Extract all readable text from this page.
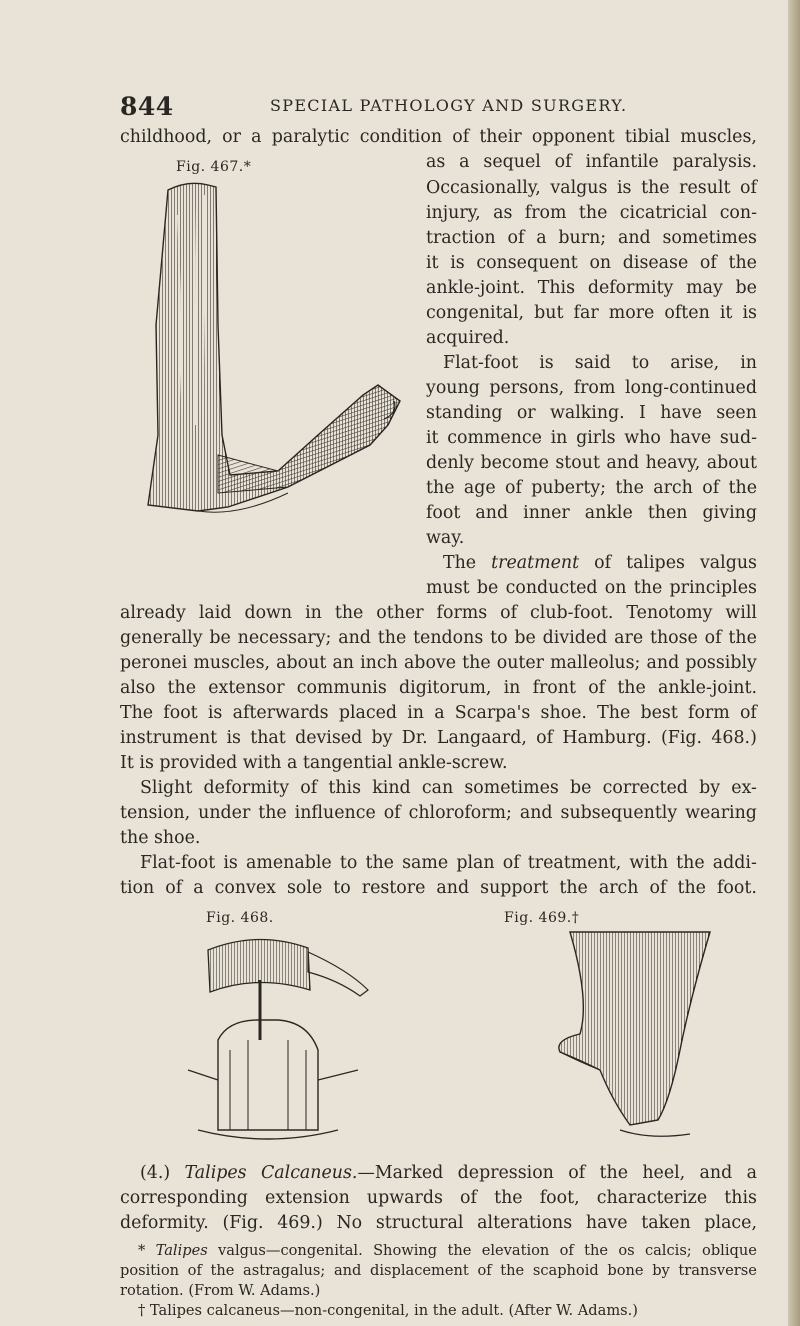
844	SPECIAL PATHOLOGY AND SURGERY.
childhood, or a paralytic condition of their opponent tibial muscles,
as a sequel of infantile paralysis.
Occasionally, valgus is the result of
injury, as from the cicatricial con-
traction of a burn; and sometimes
it is consequent on disease of the
ankle-joint. This deformity may be
congenital, but far more often it is
acquired.
Flat-foot is said to arise, in
young persons, from long-continued
standing or walking. I have seen
it commence in girls who have sud-
denly become stout and heavy, about
the age of puberty; the arch of the
foot and inner ankle then giving
way.
The treatment of talipes valgus
must be conducted on the principles
already laid down in the other forms of club-foot. Tenotomy will
generally be necessary; and the tendons to be divided are those of the
peronei muscles, about an inch above the outer malleolus; and possibly
also the extensor communis digitorum, in front of the ankle-joint.
The foot is afterwards placed in a Scarpa's shoe. The best form of
instrument is that devised by Dr. Langaard, of Hamburg. (Fig. 468.)
It is provided with a tangential ankle-screw.
Slight deformity of this kind can sometimes be corrected by ex-
tension, under the influence of chloroform; and subsequently wearing
the shoe.
Flat-foot is amenable to the same plan of treatment, with the addi-
tion of a convex sole to restore and support the arch of the foot.
(4.) Talipes Calcaneus.—Marked depression of the heel, and a
corresponding extension upwards of the foot, characterize this
deformity. (Fig. 469.) No structural alterations have taken place,
* Talipes valgus—congenital. Showing the elevation of the os calcis; oblique
position of the astragalus; and displacement of the scaphoid bone by transverse
rotation. (From W. Adams.)
† Talipes calcaneus—non-congenital, in the adult. (After W. Adams.)
Fig. 467.*
Fig. 468.	Fig. 469.†
